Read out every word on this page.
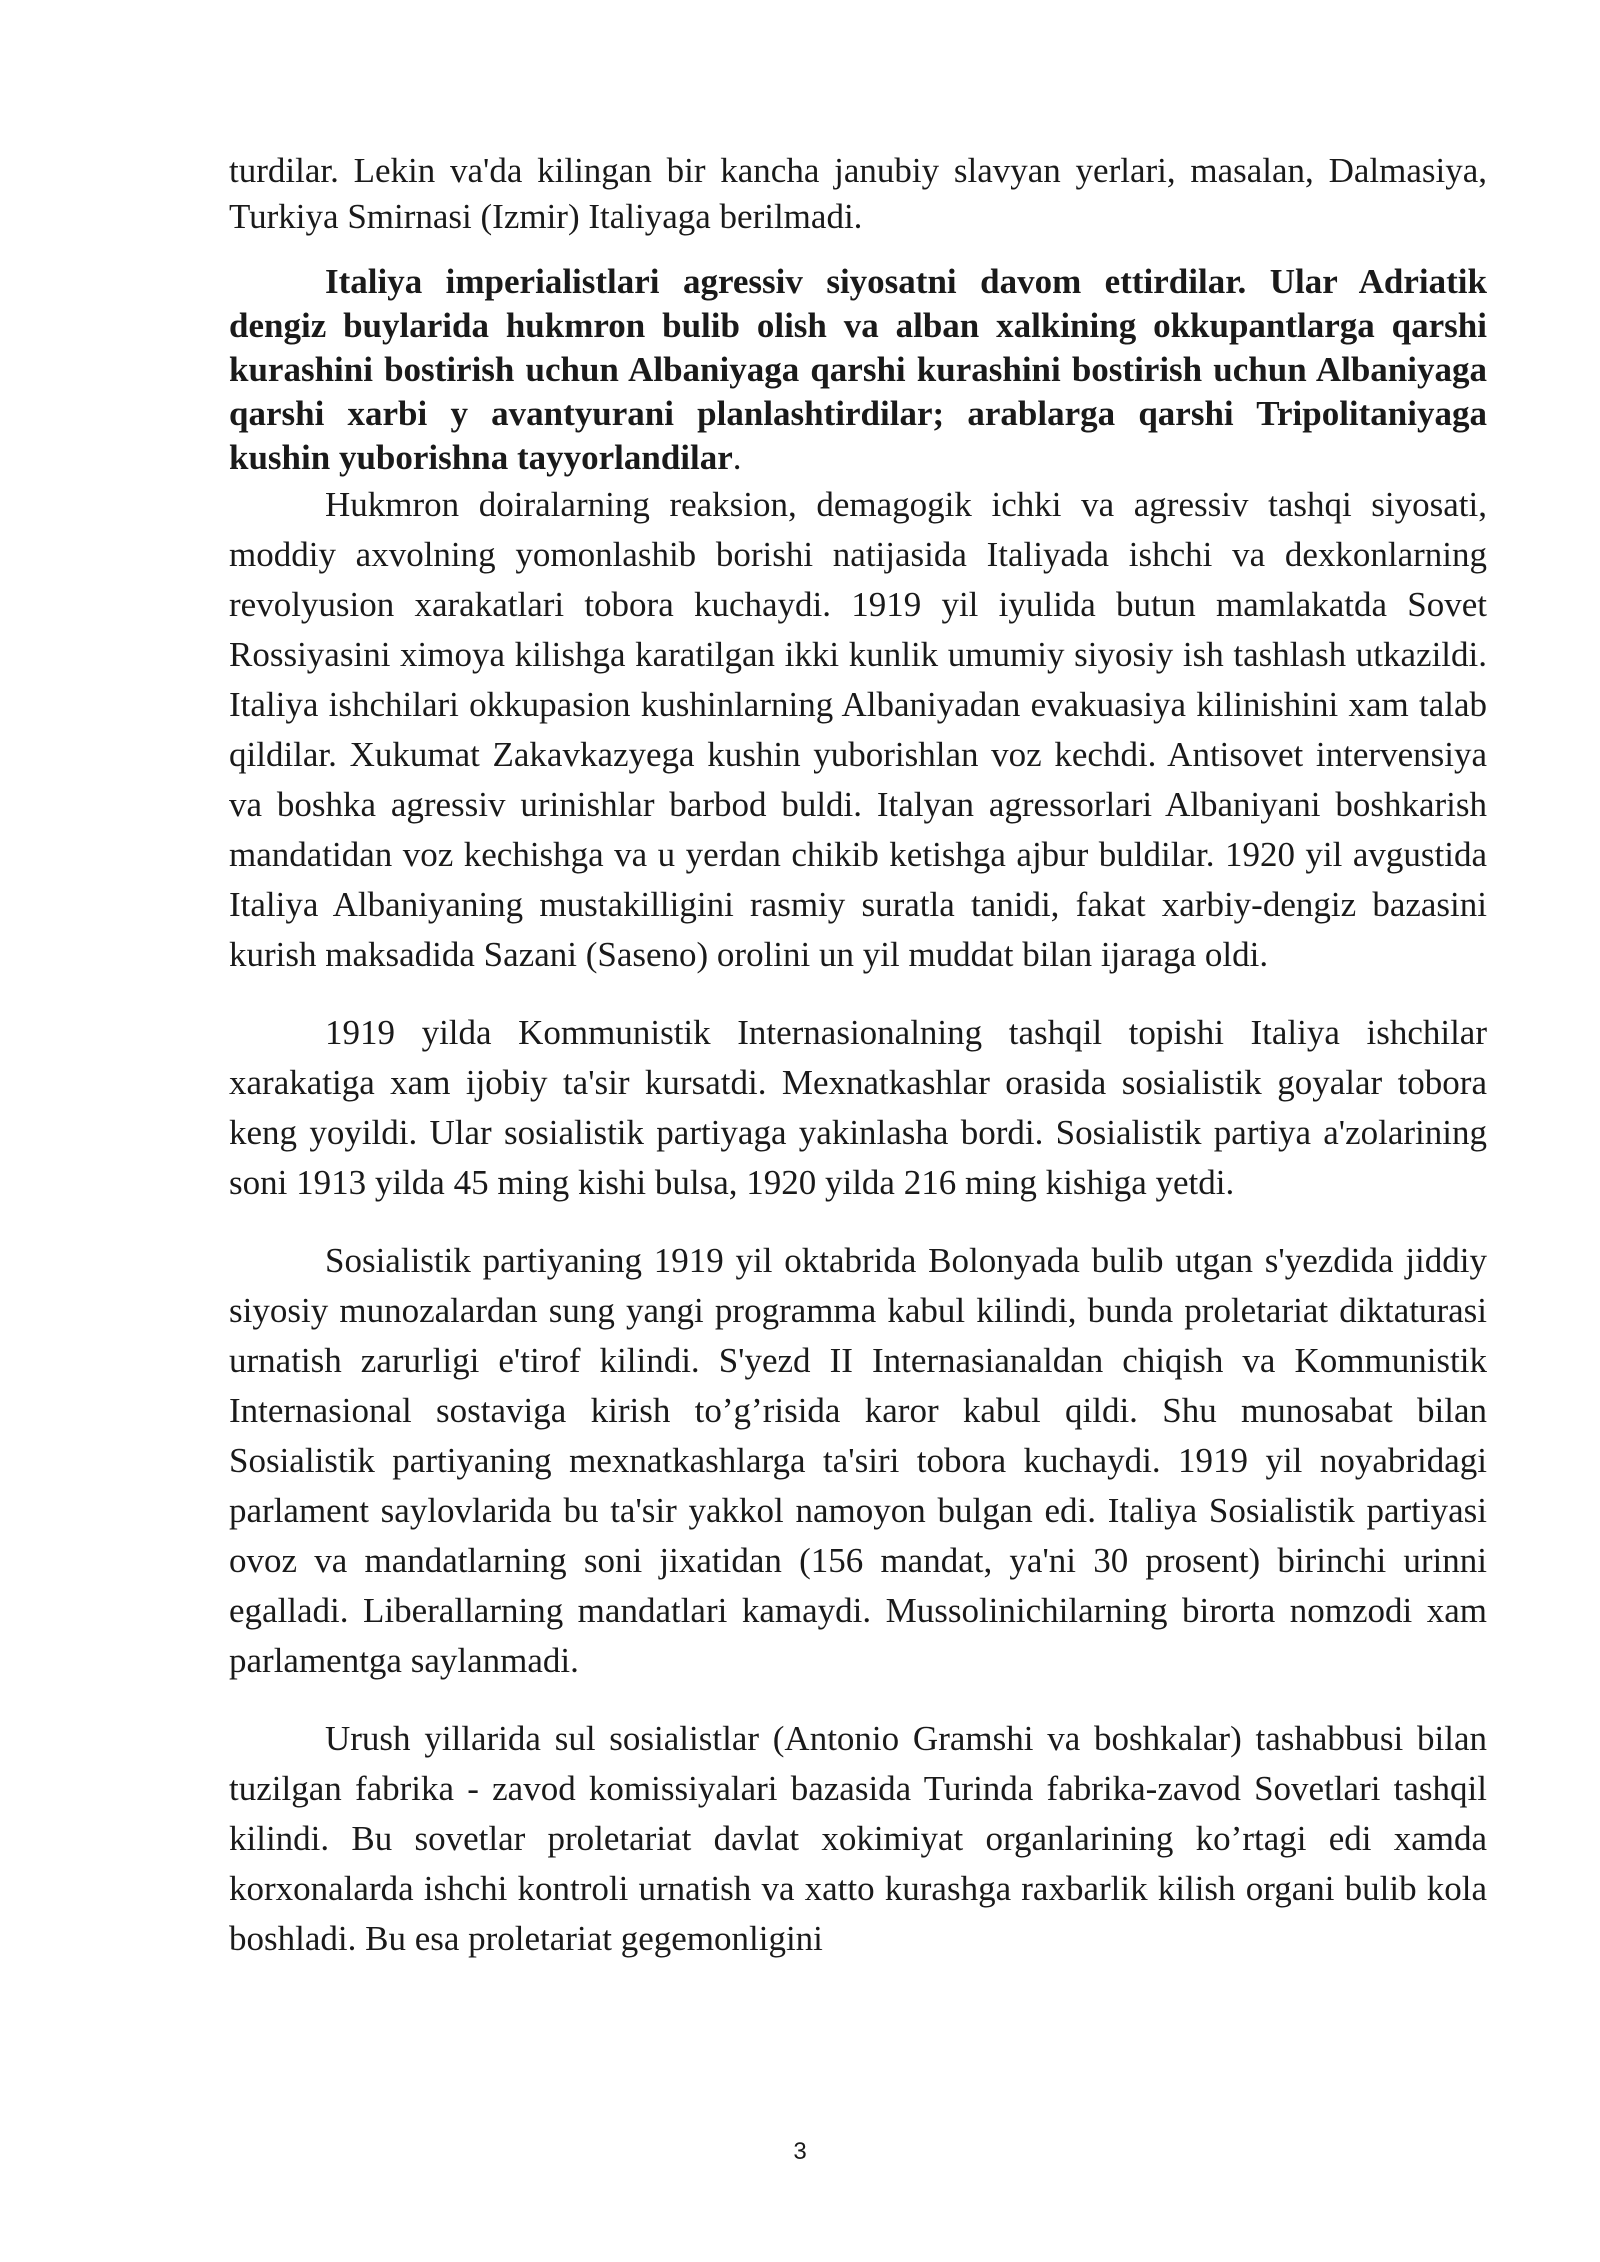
turdilar. Lekin va'da kilingan bir kancha janubiy slavyan yerlari, masalan, Dalmasiya, Turkiya Smirnasi (Izmir) Italiyaga berilmadi.

Italiya imperialistlari agressiv siyosatni davom ettirdilar. Ular Adriatik dengiz buylarida hukmron bulib olish va alban xalkining okkupantlarga qarshi kurashini bostirish uchun Albaniyaga qarshi kurashini bostirish uchun Albaniyaga qarshi xarbi y avantyurani planlashtirdilar; arablarga qarshi Tripolitaniyaga kushin yuborishna tayyorlandilar.

Hukmron doiralarning reaksion, demagogik ichki va agressiv tashqi siyosati, moddiy axvolning yomonlashib borishi natijasida Italiyada ishchi va dexkonlarning revolyusion xarakatlari tobora kuchaydi. 1919 yil iyulida butun mamlakatda Sovet Rossiyasini ximoya kilishga karatilgan ikki kunlik umumiy siyosiy ish tashlash utkazildi. Italiya ishchilari okkupasion kushinlarning Albaniyadan evakuasiya kilinishini xam talab qildilar. Xukumat Zakavkazyega kushin yuborishlan voz kechdi. Antisovet intervensiya va boshka agressiv urinishlar barbod buldi. Italyan agressorlari Albaniyani boshkarish mandatidan voz kechishga va u yerdan chikib ketishga ajbur buldilar. 1920 yil avgustida Italiya Albaniyaning mustakilligini rasmiy suratla tanidi, fakat xarbiy-dengiz bazasini kurish maksadida Sazani (Saseno) orolini un yil muddat bilan ijaraga oldi.

1919 yilda Kommunistik Internasionalning tashqil topishi Italiya ishchilar xarakatiga xam ijobiy ta'sir kursatdi. Mexnatkashlar orasida sosialistik goyalar tobora keng yoyildi. Ular sosialistik partiyaga yakinlasha bordi. Sosialistik partiya a'zolarining soni 1913 yilda 45 ming kishi bulsa, 1920 yilda 216 ming kishiga yetdi.

Sosialistik partiyaning 1919 yil oktabrida Bolonyada bulib utgan s'yezdida jiddiy siyosiy munozalardan sung yangi programma kabul kilindi, bunda proletariat diktaturasi urnatish zarurligi e'tirof kilindi. S'yezd II Internasianaldan chiqish va Kommunistik Internasional sostaviga kirish to’g’risida karor kabul qildi. Shu munosabat bilan Sosialistik partiyaning mexnatkashlarga ta'siri tobora kuchaydi. 1919 yil noyabridagi parlament saylovlarida bu ta'sir yakkol namoyon bulgan edi. Italiya Sosialistik partiyasi ovoz va mandatlarning soni jixatidan (156 mandat, ya'ni 30 prosent) birinchi urinni egalladi. Liberallarning mandatlari kamaydi. Mussolinichilarning birorta nomzodi xam parlamentga saylanmadi.

Urush yillarida sul sosialistlar (Antonio Gramshi va boshkalar) tashabbusi bilan tuzilgan fabrika - zavod komissiyalari bazasida Turinda fabrika-zavod Sovetlari tashqil kilindi. Bu sovetlar proletariat davlat xokimiyat organlarining ko’rtagi edi xamda korxonalarda ishchi kontroli urnatish va xatto kurashga raxbarlik kilish organi bulib kola boshladi. Bu esa proletariat gegemonligini

3
